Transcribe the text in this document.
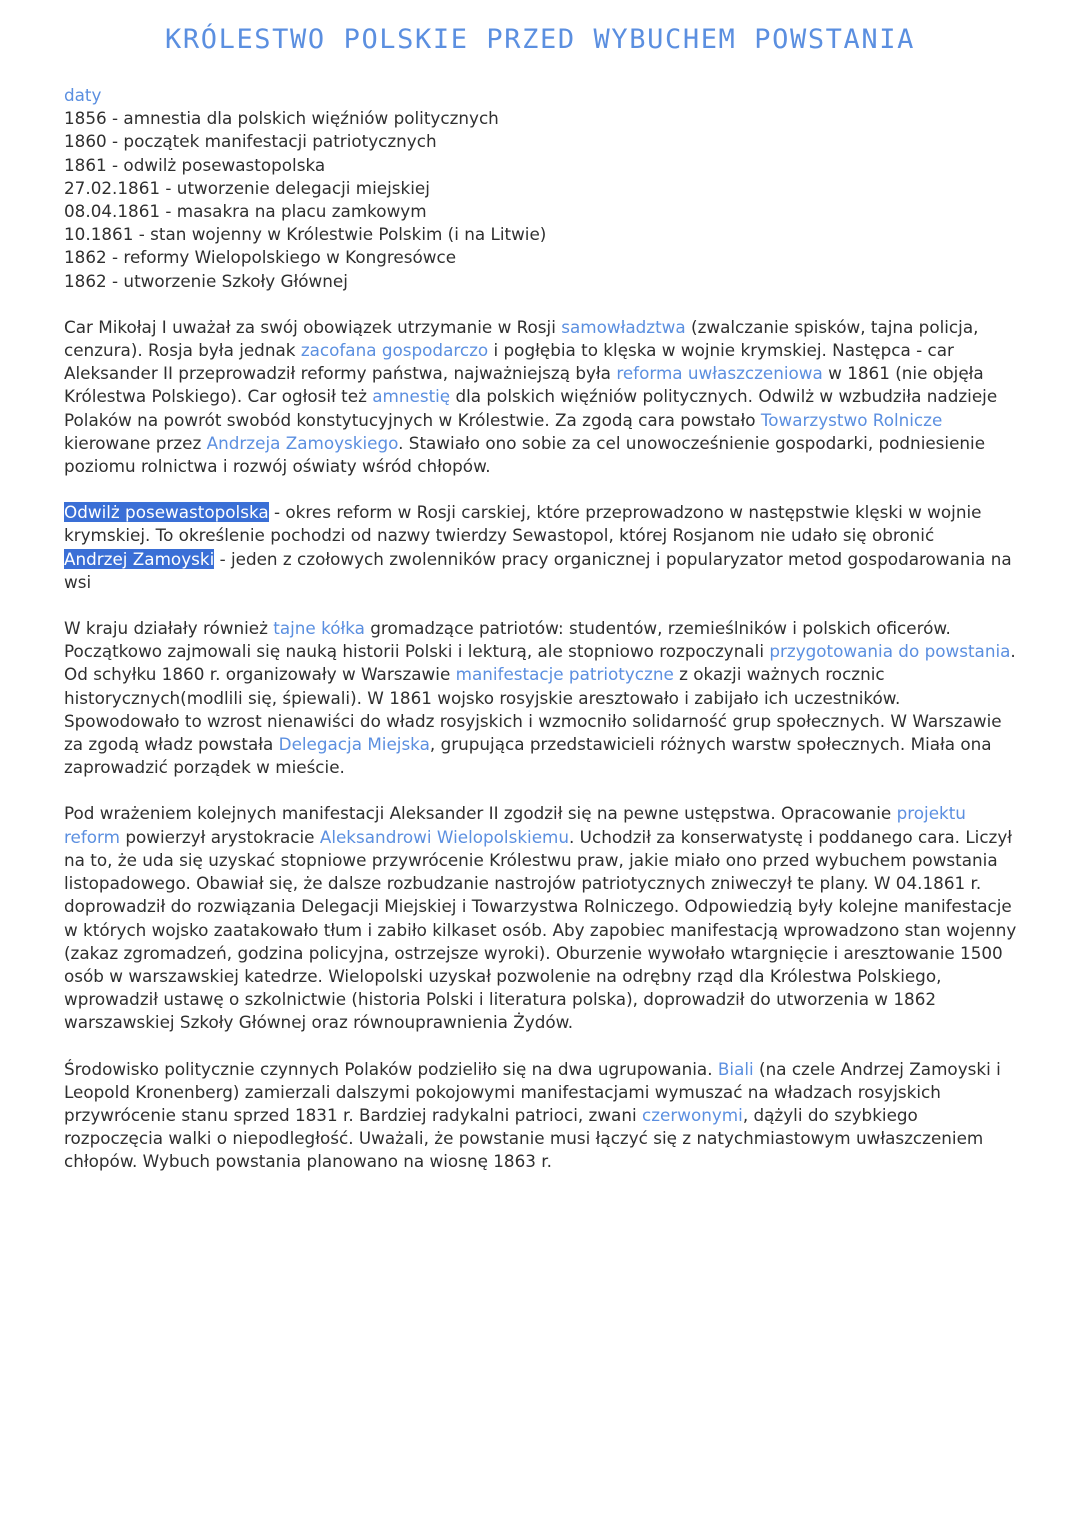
KRÓLESTWO POLSKIE PRZED WYBUCHEM POWSTANIA

daty

1856 - amnestia dla polskich więźniów politycznych
1860 - początek manifestacji patriotycznych
1861 - odwilż posewastopolska
27.02.1861 - utworzenie delegacji miejskiej
08.04.1861 - masakra na placu zamkowym
10.1861 - stan wojenny w Królestwie Polskim (i na Litwie)
1862 - reformy Wielopolskiego w Kongresówce
1862 - utworzenie Szkoły Głównej

Car Mikołaj I uważał za swój obowiązek utrzymanie w Rosji samowładztwa (zwalczanie spisków, tajna policja, cenzura). Rosja była jednak zacofana gospodarczo i pogłębia to klęska w wojnie krymskiej. Następca - car Aleksander II przeprowadził reformy państwa, najważniejszą była reforma uwłaszczeniowa w 1861 (nie objęła Królestwa Polskiego). Car ogłosił też amnestię dla polskich więźniów politycznych. Odwilż w wzbudziła nadzieje Polaków na powrót swobód konstytucyjnych w Królestwie. Za zgodą cara powstało Towarzystwo Rolnicze kierowane przez Andrzeja Zamoyskiego. Stawiało ono sobie za cel unowocześnienie gospodarki, podniesienie poziomu rolnictwa i rozwój oświaty wśród chłopów.

Odwilż posewastopolska - okres reform w Rosji carskiej, które przeprowadzono w następstwie klęski w wojnie krymskiej. To określenie pochodzi od nazwy twierdzy Sewastopol, której Rosjanom nie udało się obronić

Andrzej Zamoyski - jeden z czołowych zwolenników pracy organicznej i popularyzator metod gospodarowania na wsi

W kraju działały również tajne kółka gromadzące patriotów: studentów, rzemieślników i polskich oficerów. Początkowo zajmowali się nauką historii Polski i lekturą, ale stopniowo rozpoczynali przygotowania do powstania. Od schyłku 1860 r. organizowały w Warszawie manifestacje patriotyczne z okazji ważnych rocznic historycznych(modlili się, śpiewali). W 1861 wojsko rosyjskie aresztowało i zabijało ich uczestników. Spowodowało to wzrost nienawiści do władz rosyjskich i wzmocniło solidarność grup społecznych. W Warszawie za zgodą władz powstała Delegacja Miejska, grupująca przedstawicieli różnych warstw społecznych. Miała ona zaprowadzić porządek w mieście.

Pod wrażeniem kolejnych manifestacji Aleksander II zgodził się na pewne ustępstwa. Opracowanie projektu reform powierzył arystokracie Aleksandrowi Wielopolskiemu. Uchodził za konserwatystę i poddanego cara. Liczył na to, że uda się uzyskać stopniowe przywrócenie Królestwu praw, jakie miało ono przed wybuchem powstania listopadowego. Obawiał się, że dalsze rozbudzanie nastrojów patriotycznych zniweczył te plany. W 04.1861 r. doprowadził do rozwiązania Delegacji Miejskiej i Towarzystwa Rolniczego. Odpowiedzią były kolejne manifestacje w których wojsko zaatakowało tłum i zabiło kilkaset osób. Aby zapobiec manifestacją wprowadzono stan wojenny (zakaz zgromadzeń, godzina policyjna, ostrzejsze wyroki). Oburzenie wywołało wtargnięcie i aresztowanie 1500 osób w warszawskiej katedrze. Wielopolski uzyskał pozwolenie na odrębny rząd dla Królestwa Polskiego, wprowadził ustawę o szkolnictwie (historia Polski i literatura polska), doprowadził do utworzenia w 1862 warszawskiej Szkoły Głównej oraz równouprawnienia Żydów.

Środowisko politycznie czynnych Polaków podzieliło się na dwa ugrupowania. Biali (na czele Andrzej Zamoyski i Leopold Kronenberg) zamierzali dalszymi pokojowymi manifestacjami wymuszać na władzach rosyjskich przywrócenie stanu sprzed 1831 r. Bardziej radykalni patrioci, zwani czerwonymi, dążyli do szybkiego rozpoczęcia walki o niepodległość. Uważali, że powstanie musi łączyć się z natychmiastowym uwłaszczeniem chłopów. Wybuch powstania planowano na wiosnę 1863 r.
